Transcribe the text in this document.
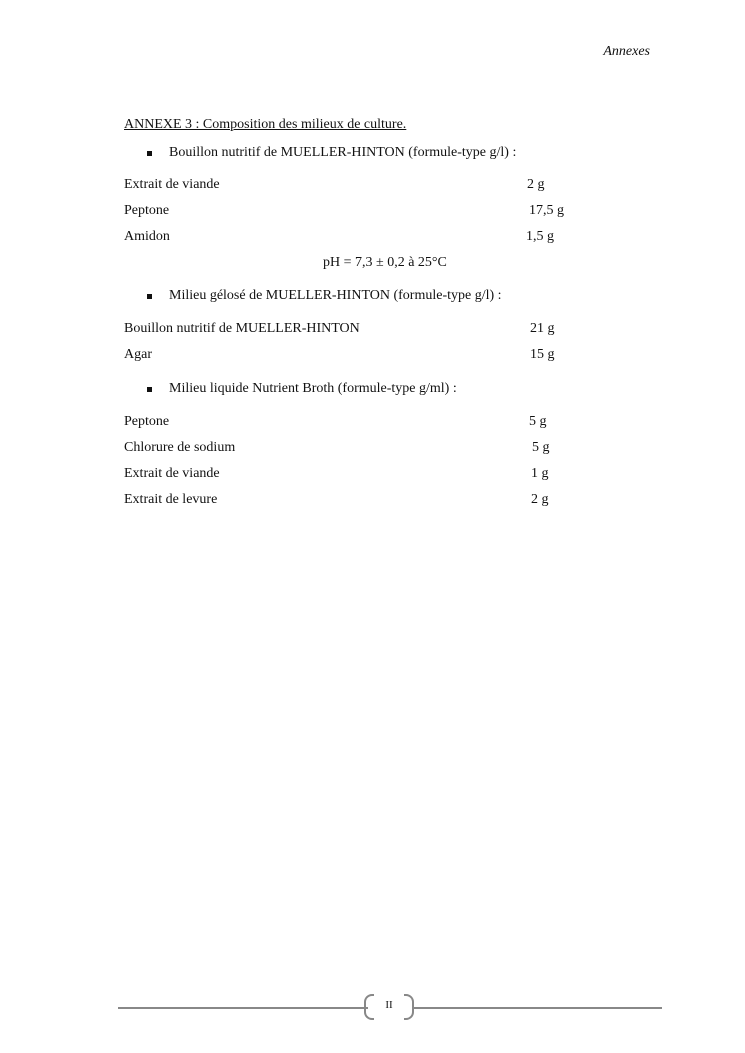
Annexes
ANNEXE 3 : Composition des milieux de culture.
Bouillon nutritif de MUELLER-HINTON (formule-type g/l) :
Extrait de viande	2 g
Peptone	17,5 g
Amidon	1,5 g
pH = 7,3 ± 0,2 à 25°C
Milieu gélosé de MUELLER-HINTON (formule-type g/l) :
Bouillon nutritif de MUELLER-HINTON	21 g
Agar	15 g
Milieu liquide Nutrient Broth (formule-type g/ml) :
Peptone	5 g
Chlorure de sodium	5 g
Extrait de viande	1 g
Extrait de levure	2 g
II
